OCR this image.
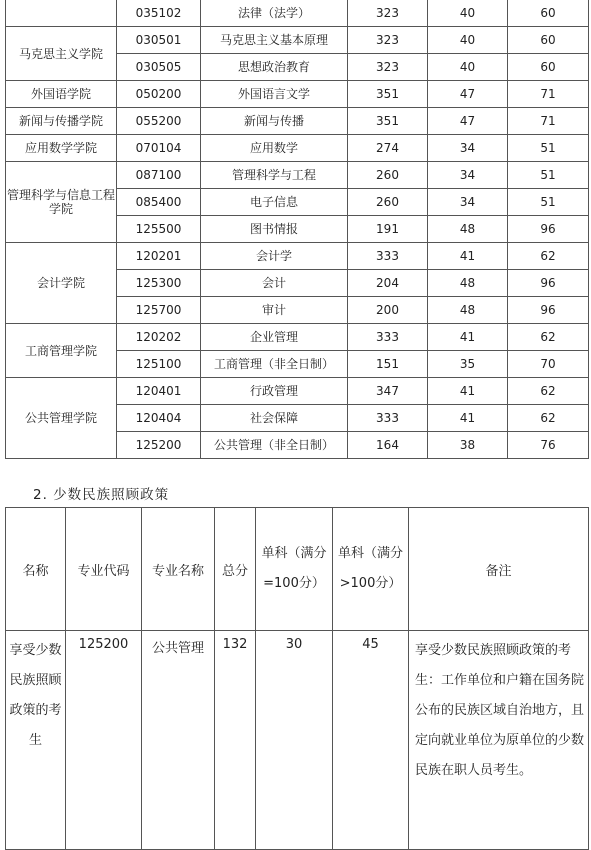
	035102	法律（法学）	323	40	60
马克思主义学院	030501	马克思主义基本原理	323	40	60
	030505	思想政治教育	323	40	60
外国语学院	050200	外国语言文学	351	47	71
新闻与传播学院	055200	新闻与传播	351	47	71
应用数学学院	070104	应用数学	274	34	51
管理科学与信息工程学院	087100	管理科学与工程	260	34	51
	085400	电子信息	260	34	51
	125500	图书情报	191	48	96
会计学院	120201	会计学	333	41	62
	125300	会计	204	48	96
	125700	审计	200	48	96
工商管理学院	120202	企业管理	333	41	62
	125100	工商管理（非全日制）	151	35	70
公共管理学院	120401	行政管理	347	41	62
	120404	社会保障	333	41	62
	125200	公共管理（非全日制）	164	38	76
2. 少数民族照顾政策
名称	专业代码	专业名称	总分	单科（满分 =100分）	单科（满分 >100分）	备注
享受少数民族照顾政策的考生	125200	公共管理	132	30	45	享受少数民族照顾政策的考生：工作单位和户籍在国务院公布的民族区域自治地方，且定向就业单位为原单位的少数民族在职人员考生。
